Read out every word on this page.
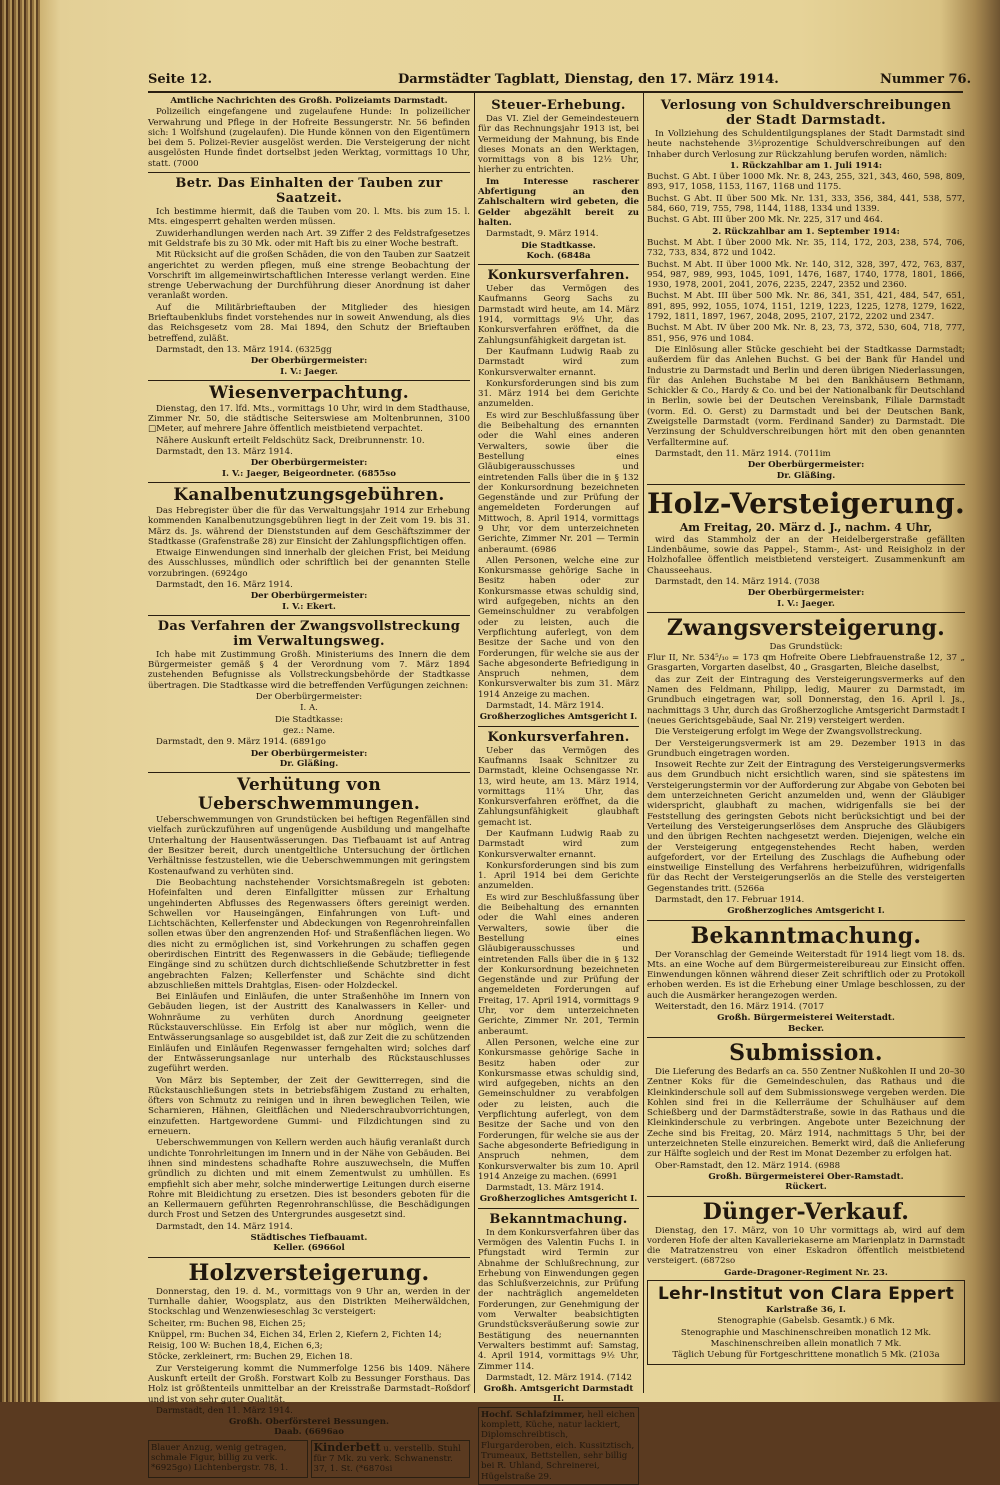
Seite 12.	Darmstädter Tagblatt, Dienstag, den 17. März 1914.	Nummer 76.

Amtliche Nachrichten des Großh. Polizeiamts Darmstadt.

Polizeilich eingefangene und zugelaufene Hunde: In polizeilicher Verwahrung und Pflege in der Hofreite Bessungerstr. Nr. 56 befinden sich: 1 Wolfshund (zugelaufen). Die Hunde können von den Eigentümern bei dem 5. Polizei-Revier ausgelöst werden. Die Versteigerung der nicht ausgelösten Hunde findet dortselbst jeden Werktag, vormittags 10 Uhr, statt. (7000

Betr. Das Einhalten der Tauben zur Saatzeit.

Ich bestimme hiermit, daß die Tauben vom 20. l. Mts. bis zum 15. l. Mts. eingesperrt gehalten werden müssen.

Zuwiderhandlungen werden nach Art. 39 Ziffer 2 des Feldstrafgesetzes mit Geldstrafe bis zu 30 Mk. oder mit Haft bis zu einer Woche bestraft.

Mit Rücksicht auf die großen Schäden, die von den Tauben zur Saatzeit angerichtet zu werden pflegen, muß eine strenge Beobachtung der Vorschrift im allgemeinwirtschaftlichen Interesse verlangt werden. Eine strenge Ueberwachung der Durchführung dieser Anordnung ist daher veranlaßt worden.

Auf die Militärbrieftauben der Mitglieder des hiesigen Brieftaubenklubs findet vorstehendes nur in soweit Anwendung, als dies das Reichsgesetz vom 28. Mai 1894, den Schutz der Brieftauben betreffend, zuläßt.

Darmstadt, den 13. März 1914. (6325gg

Der Oberbürgermeister:
I. V.: Jaeger.
Wiesenverpachtung.

Dienstag, den 17. lfd. Mts., vormittags 10 Uhr, wird in dem Stadthause, Zimmer Nr. 50, die städtische Seiterswiese am Moltenbrunnen, 3100 □Meter, auf mehrere Jahre öffentlich meistbietend verpachtet.

Nähere Auskunft erteilt Feldschütz Sack, Dreibrunnenstr. 10.

Darmstadt, den 13. März 1914.

Der Oberbürgermeister:
I. V.: Jaeger, Beigeordneter. (6855so
Kanalbenutzungsgebühren.

Das Hebregister über die für das Verwaltungsjahr 1914 zur Erhebung kommenden Kanalbenutzungsgebühren liegt in der Zeit vom 19. bis 31. März ds. Js. während der Dienststunden auf dem Geschäftszimmer der Stadtkasse (Grafenstraße 28) zur Einsicht der Zahlungspflichtigen offen.

Etwaige Einwendungen sind innerhalb der gleichen Frist, bei Meidung des Ausschlusses, mündlich oder schriftlich bei der genannten Stelle vorzubringen. (6924go

Darmstadt, den 16. März 1914.

Der Oberbürgermeister:
I. V.: Ekert.
Das Verfahren der Zwangsvollstreckung im Verwaltungsweg.

Ich habe mit Zustimmung Großh. Ministeriums des Innern die dem Bürgermeister gemäß § 4 der Verordnung vom 7. März 1894 zustehenden Befugnisse als Vollstreckungsbehörde der Stadtkasse übertragen. Die Stadtkasse wird die betreffenden Verfügungen zeichnen:

Der Oberbürgermeister:

I. A.

Die Stadtkasse:

gez.: Name.

Darmstadt, den 9. März 1914. (6891go

Der Oberbürgermeister:
Dr. Gläßing.
Verhütung von Ueberschwemmungen.

Ueberschwemmungen von Grundstücken bei heftigen Regenfällen sind vielfach zurückzuführen auf ungenügende Ausbildung und mangelhafte Unterhaltung der Hausentwässerungen. Das Tiefbauamt ist auf Antrag der Besitzer bereit, durch unentgeltliche Untersuchung der örtlichen Verhältnisse festzustellen, wie die Ueberschwemmungen mit geringstem Kostenaufwand zu verhüten sind.

Die Beobachtung nachstehender Vorsichtsmaßregeln ist geboten: Hofeinfalten und deren Einfallgitter müssen zur Erhaltung ungehinderten Abflusses des Regenwassers öfters gereinigt werden. Schwellen vor Hauseingängen, Einfahrungen von Luft- und Lichtschächten, Kellerfenster und Abdeckungen von Regenrohreinfallen sollen etwas über den angrenzenden Hof- und Straßenflächen liegen. Wo dies nicht zu ermöglichen ist, sind Vorkehrungen zu schaffen gegen oberirdischen Eintritt des Regenwassers in die Gebäude; tiefliegende Eingänge sind zu schützen durch dichtschließende Schutzbretter in fest angebrachten Falzen; Kellerfenster und Schächte sind dicht abzuschließen mittels Drahtglas, Eisen- oder Holzdeckel.

Bei Einläufen und Einläufen, die unter Straßenhöhe im Innern von Gebäuden liegen, ist der Austritt des Kanalwassers in Keller- und Wohnräume zu verhüten durch Anordnung geeigneter Rückstauverschlüsse. Ein Erfolg ist aber nur möglich, wenn die Entwässerungsanlage so ausgebildet ist, daß zur Zeit die zu schützenden Einläufen und Einläufen Regenwasser ferngehalten wird; solches darf der Entwässerungsanlage nur unterhalb des Rückstauschlusses zugeführt werden.

Von März bis September, der Zeit der Gewitterregen, sind die Rückstauschließungen stets in betriebsfähigem Zustand zu erhalten, öfters von Schmutz zu reinigen und in ihren beweglichen Teilen, wie Scharnieren, Hähnen, Gleitflächen und Niederschraubvorrichtungen, einzufetten. Hartgewordene Gummi- und Filzdichtungen sind zu erneuern.

Ueberschwemmungen von Kellern werden auch häufig veranlaßt durch undichte Tonrohrleitungen im Innern und in der Nähe von Gebäuden. Bei ihnen sind mindestens schadhafte Rohre auszuwechseln, die Muffen gründlich zu dichten und mit einem Zementwulst zu umhüllen. Es empfiehlt sich aber mehr, solche minderwertige Leitungen durch eiserne Rohre mit Bleidichtung zu ersetzen. Dies ist besonders geboten für die an Kellermauern geführten Regenrohranschlüsse, die Beschädigungen durch Frost und Setzen des Untergrundes ausgesetzt sind.

Darmstadt, den 14. März 1914.

Städtisches Tiefbauamt.
Keller. (6966ol
Holzversteigerung.

Donnerstag, den 19. d. M., vormittags von 9 Uhr an, werden in der Turnhalle dahier, Woogsplatz, aus den Distrikten Meiherwäldchen, Stockschlag und Wenzenwieseschlag 3c versteigert:

Scheiter, rm: Buchen 98, Eichen 25;

Knüppel, rm: Buchen 34, Eichen 34, Erlen 2, Kiefern 2, Fichten 14;

Reisig, 100 W: Buchen 18,4, Eichen 6,3;

Stöcke, zerkleinert, rm: Buchen 29, Eichen 18.

Zur Versteigerung kommt die Nummerfolge 1256 bis 1409. Nähere Auskunft erteilt der Großh. Forstwart Kolb zu Bessunger Forsthaus. Das Holz ist größtenteils unmittelbar an der Kreisstraße Darmstadt–Roßdorf und ist von sehr guter Qualität.

Darmstadt, den 11. März 1914.

Großh. Oberförsterei Bessungen.
Daab. (6696ao
Blauer Anzug, wenig getragen, schmale Figur, billig zu verk. *6925go) Lichtenbergstr. 78, 1.
Kinderbett u. verstellb. Stuhl für 7 Mk. zu verk. Schwanenstr. 37, 1. St. (*6870si
Steuer-Erhebung.

Das VI. Ziel der Gemeindesteuern für das Rechnungsjahr 1913 ist, bei Vermeidung der Mahnung, bis Ende dieses Monats an den Werktagen, vormittags von 8 bis 12½ Uhr, hierher zu entrichten.

Im Interesse rascherer Abfertigung an den Zahlschaltern wird gebeten, die Gelder abgezählt bereit zu halten.

Darmstadt, 9. März 1914.

Die Stadtkasse.
Koch. (6848a
Konkursverfahren.

Ueber das Vermögen des Kaufmanns Georg Sachs zu Darmstadt wird heute, am 14. März 1914, vormittags 9½ Uhr, das Konkursverfahren eröffnet, da die Zahlungsunfähigkeit dargetan ist.

Der Kaufmann Ludwig Raab zu Darmstadt wird zum Konkursverwalter ernannt.

Konkursforderungen sind bis zum 31. März 1914 bei dem Gerichte anzumelden.

Es wird zur Beschlußfassung über die Beibehaltung des ernannten oder die Wahl eines anderen Verwalters, sowie über die Bestellung eines Gläubigerausschusses und eintretenden Falls über die in § 132 der Konkursordnung bezeichneten Gegenstände und zur Prüfung der angemeldeten Forderungen auf Mittwoch, 8. April 1914, vormittags 9 Uhr, vor dem unterzeichneten Gerichte, Zimmer Nr. 201 — Termin anberaumt. (6986

Allen Personen, welche eine zur Konkursmasse gehörige Sache in Besitz haben oder zur Konkursmasse etwas schuldig sind, wird aufgegeben, nichts an den Gemeinschuldner zu verabfolgen oder zu leisten, auch die Verpflichtung auferlegt, von dem Besitze der Sache und von den Forderungen, für welche sie aus der Sache abgesonderte Befriedigung in Anspruch nehmen, dem Konkursverwalter bis zum 31. März 1914 Anzeige zu machen.

Darmstadt, 14. März 1914.

Großherzogliches Amtsgericht I.
Konkursverfahren.

Ueber das Vermögen des Kaufmanns Isaak Schnitzer zu Darmstadt, kleine Ochsengasse Nr. 13, wird heute, am 13. März 1914, vormittags 11¼ Uhr, das Konkursverfahren eröffnet, da die Zahlungsunfähigkeit glaubhaft gemacht ist.

Der Kaufmann Ludwig Raab zu Darmstadt wird zum Konkursverwalter ernannt.

Konkursforderungen sind bis zum 1. April 1914 bei dem Gerichte anzumelden.

Es wird zur Beschlußfassung über die Beibehaltung des ernannten oder die Wahl eines anderen Verwalters, sowie über die Bestellung eines Gläubigerausschusses und eintretenden Falls über die in § 132 der Konkursordnung bezeichneten Gegenstände und zur Prüfung der angemeldeten Forderungen auf Freitag, 17. April 1914, vormittags 9 Uhr, vor dem unterzeichneten Gerichte, Zimmer Nr. 201, Termin anberaumt.

Allen Personen, welche eine zur Konkursmasse gehörige Sache in Besitz haben oder zur Konkursmasse etwas schuldig sind, wird aufgegeben, nichts an den Gemeinschuldner zu verabfolgen oder zu leisten, auch die Verpflichtung auferlegt, von dem Besitze der Sache und von den Forderungen, für welche sie aus der Sache abgesonderte Befriedigung in Anspruch nehmen, dem Konkursverwalter bis zum 10. April 1914 Anzeige zu machen. (6991

Darmstadt, 13. März 1914.

Großherzogliches Amtsgericht I.
Bekanntmachung.

In dem Konkursverfahren über das Vermögen des Valentin Fuchs I. in Pfungstadt wird Termin zur Abnahme der Schlußrechnung, zur Erhebung von Einwendungen gegen das Schlußverzeichnis, zur Prüfung der nachträglich angemeldeten Forderungen, zur Genehmigung der vom Verwalter beabsichtigten Grundstücksveräußerung sowie zur Bestätigung des neuernannten Verwalters bestimmt auf: Samstag, 4. April 1914, vormittags 9½ Uhr, Zimmer 114.

Darmstadt, 12. März 1914. (7142

Großh. Amtsgericht Darmstadt II.
Hochf. Schlafzimmer, hell eichen komplett, Küche, natur lackiert, Diplomschreibtisch, Flurgarderoben, eich. Kussitztisch, Trumeaux, Bettstellen, sehr billig bei R. Uhland, Schreinerei, Hügelstraße 29.
Verlosung von Schuldverschreibungen der Stadt Darmstadt.

In Vollziehung des Schuldentilgungsplanes der Stadt Darmstadt sind heute nachstehende 3½prozentige Schuldverschreibungen auf den Inhaber durch Verlosung zur Rückzahlung berufen worden, nämlich:

1. Rückzahlbar am 1. Juli 1914:

Buchst. G Abt. I über 1000 Mk. Nr. 8, 243, 255, 321, 343, 460, 598, 809, 893, 917, 1058, 1153, 1167, 1168 und 1175.

Buchst. G Abt. II über 500 Mk. Nr. 131, 333, 356, 384, 441, 538, 577, 584, 660, 719, 755, 798, 1144, 1188, 1334 und 1339.

Buchst. G Abt. III über 200 Mk. Nr. 225, 317 und 464.

2. Rückzahlbar am 1. September 1914:

Buchst. M Abt. I über 2000 Mk. Nr. 35, 114, 172, 203, 238, 574, 706, 732, 733, 834, 872 und 1042.

Buchst. M Abt. II über 1000 Mk. Nr. 140, 312, 328, 397, 472, 763, 837, 954, 987, 989, 993, 1045, 1091, 1476, 1687, 1740, 1778, 1801, 1866, 1930, 1978, 2001, 2041, 2076, 2235, 2247, 2352 und 2360.

Buchst. M Abt. III über 500 Mk. Nr. 86, 341, 351, 421, 484, 547, 651, 891, 895, 992, 1055, 1074, 1151, 1219, 1223, 1225, 1278, 1279, 1622, 1792, 1811, 1897, 1967, 2048, 2095, 2107, 2172, 2202 und 2347.

Buchst. M Abt. IV über 200 Mk. Nr. 8, 23, 73, 372, 530, 604, 718, 777, 851, 956, 976 und 1084.

Die Einlösung aller Stücke geschieht bei der Stadtkasse Darmstadt; außerdem für das Anlehen Buchst. G bei der Bank für Handel und Industrie zu Darmstadt und Berlin und deren übrigen Niederlassungen, für das Anlehen Buchstabe M bei den Bankhäusern Bethmann, Schickler & Co., Hardy & Co. und bei der Nationalbank für Deutschland in Berlin, sowie bei der Deutschen Vereinsbank, Filiale Darmstadt (vorm. Ed. O. Gerst) zu Darmstadt und bei der Deutschen Bank, Zweigstelle Darmstadt (vorm. Ferdinand Sander) zu Darmstadt. Die Verzinsung der Schuldverschreibungen hört mit den oben genannten Verfalltermine auf.

Darmstadt, den 11. März 1914. (7011im

Der Oberbürgermeister:
Dr. Gläßing.
Holz-Versteigerung.

Am Freitag, 20. März d. J., nachm. 4 Uhr,

wird das Stammholz der an der Heidelbergerstraße gefällten Lindenbäume, sowie das Pappel-, Stamm-, Ast- und Reisigholz in der Holzhofallee öffentlich meistbietend versteigert. Zusammenkunft am Chausseehaus.

Darmstadt, den 14. März 1914. (7038

Der Oberbürgermeister:
I. V.: Jaeger.
Zwangsversteigerung.

Das Grundstück:

Flur II, Nr. 534⁵/₁₀ = 173 qm Hofreite Obere Liebfrauenstraße 12, 37 „ Grasgarten, Vorgarten daselbst, 40 „ Grasgarten, Bleiche daselbst,

das zur Zeit der Eintragung des Versteigerungsvermerks auf den Namen des Feldmann, Philipp, ledig, Maurer zu Darmstadt, im Grundbuch eingetragen war, soll Donnerstag, den 16. April l. Js., nachmittags 3 Uhr, durch das Großherzogliche Amtsgericht Darmstadt I (neues Gerichtsgebäude, Saal Nr. 219) versteigert werden.

Die Versteigerung erfolgt im Wege der Zwangsvollstreckung.

Der Versteigerungsvermerk ist am 29. Dezember 1913 in das Grundbuch eingetragen worden.

Insoweit Rechte zur Zeit der Eintragung des Versteigerungsvermerks aus dem Grundbuch nicht ersichtlich waren, sind sie spätestens im Versteigerungstermin vor der Aufforderung zur Abgabe von Geboten bei dem unterzeichneten Gericht anzumelden und, wenn der Gläubiger widerspricht, glaubhaft zu machen, widrigenfalls sie bei der Feststellung des geringsten Gebots nicht berücksichtigt und bei der Verteilung des Versteigerungserlöses dem Anspruche des Gläubigers und den übrigen Rechten nachgesetzt werden. Diejenigen, welche ein der Versteigerung entgegenstehendes Recht haben, werden aufgefordert, vor der Erteilung des Zuschlags die Aufhebung oder einstweilige Einstellung des Verfahrens herbeizuführen, widrigenfalls für das Recht der Versteigerungserlös an die Stelle des versteigerten Gegenstandes tritt. (5266a

Darmstadt, den 17. Februar 1914.

Großherzogliches Amtsgericht I.
Bekanntmachung.

Der Voranschlag der Gemeinde Weiterstadt für 1914 liegt vom 18. ds. Mts. an eine Woche auf dem Bürgermeistereibureau zur Einsicht offen. Einwendungen können während dieser Zeit schriftlich oder zu Protokoll erhoben werden. Es ist die Erhebung einer Umlage beschlossen, zu der auch die Ausmärker herangezogen werden.

Weiterstadt, den 16. März 1914. (7017

Großh. Bürgermeisterei Weiterstadt.
Becker.
Submission.

Die Lieferung des Bedarfs an ca. 550 Zentner Nußkohlen II und 20–30 Zentner Koks für die Gemeindeschulen, das Rathaus und die Kleinkinderschule soll auf dem Submissionswege vergeben werden. Die Kohlen sind frei in die Kellerräume der Schulhäuser auf dem Schießberg und der Darmstädterstraße, sowie in das Rathaus und die Kleinkinderschule zu verbringen. Angebote unter Bezeichnung der Zeche sind bis Freitag, 20. März 1914, nachmittags 5 Uhr, bei der unterzeichneten Stelle einzureichen. Bemerkt wird, daß die Anlieferung zur Hälfte sogleich und der Rest im Monat Dezember zu erfolgen hat.

Ober-Ramstadt, den 12. März 1914. (6988

Großh. Bürgermeisterei Ober-Ramstadt.
Rückert.
Dünger-Verkauf.

Dienstag, den 17. März, von 10 Uhr vormittags ab, wird auf dem vorderen Hofe der alten Kavalleriekaserne am Marienplatz in Darmstadt die Matratzenstreu von einer Eskadron öffentlich meistbietend versteigert. (6872so

Garde-Dragoner-Regiment Nr. 23.
Lehr-Institut von Clara Eppert

Karlstraße 36, I.

Stenographie (Gabelsb. Gesamtk.) 6 Mk.

Stenographie und Maschinenschreiben monatlich 12 Mk.

Maschinenschreiben allein monatlich 7 Mk.

Täglich Uebung für Fortgeschrittene monatlich 5 Mk. (2103a
